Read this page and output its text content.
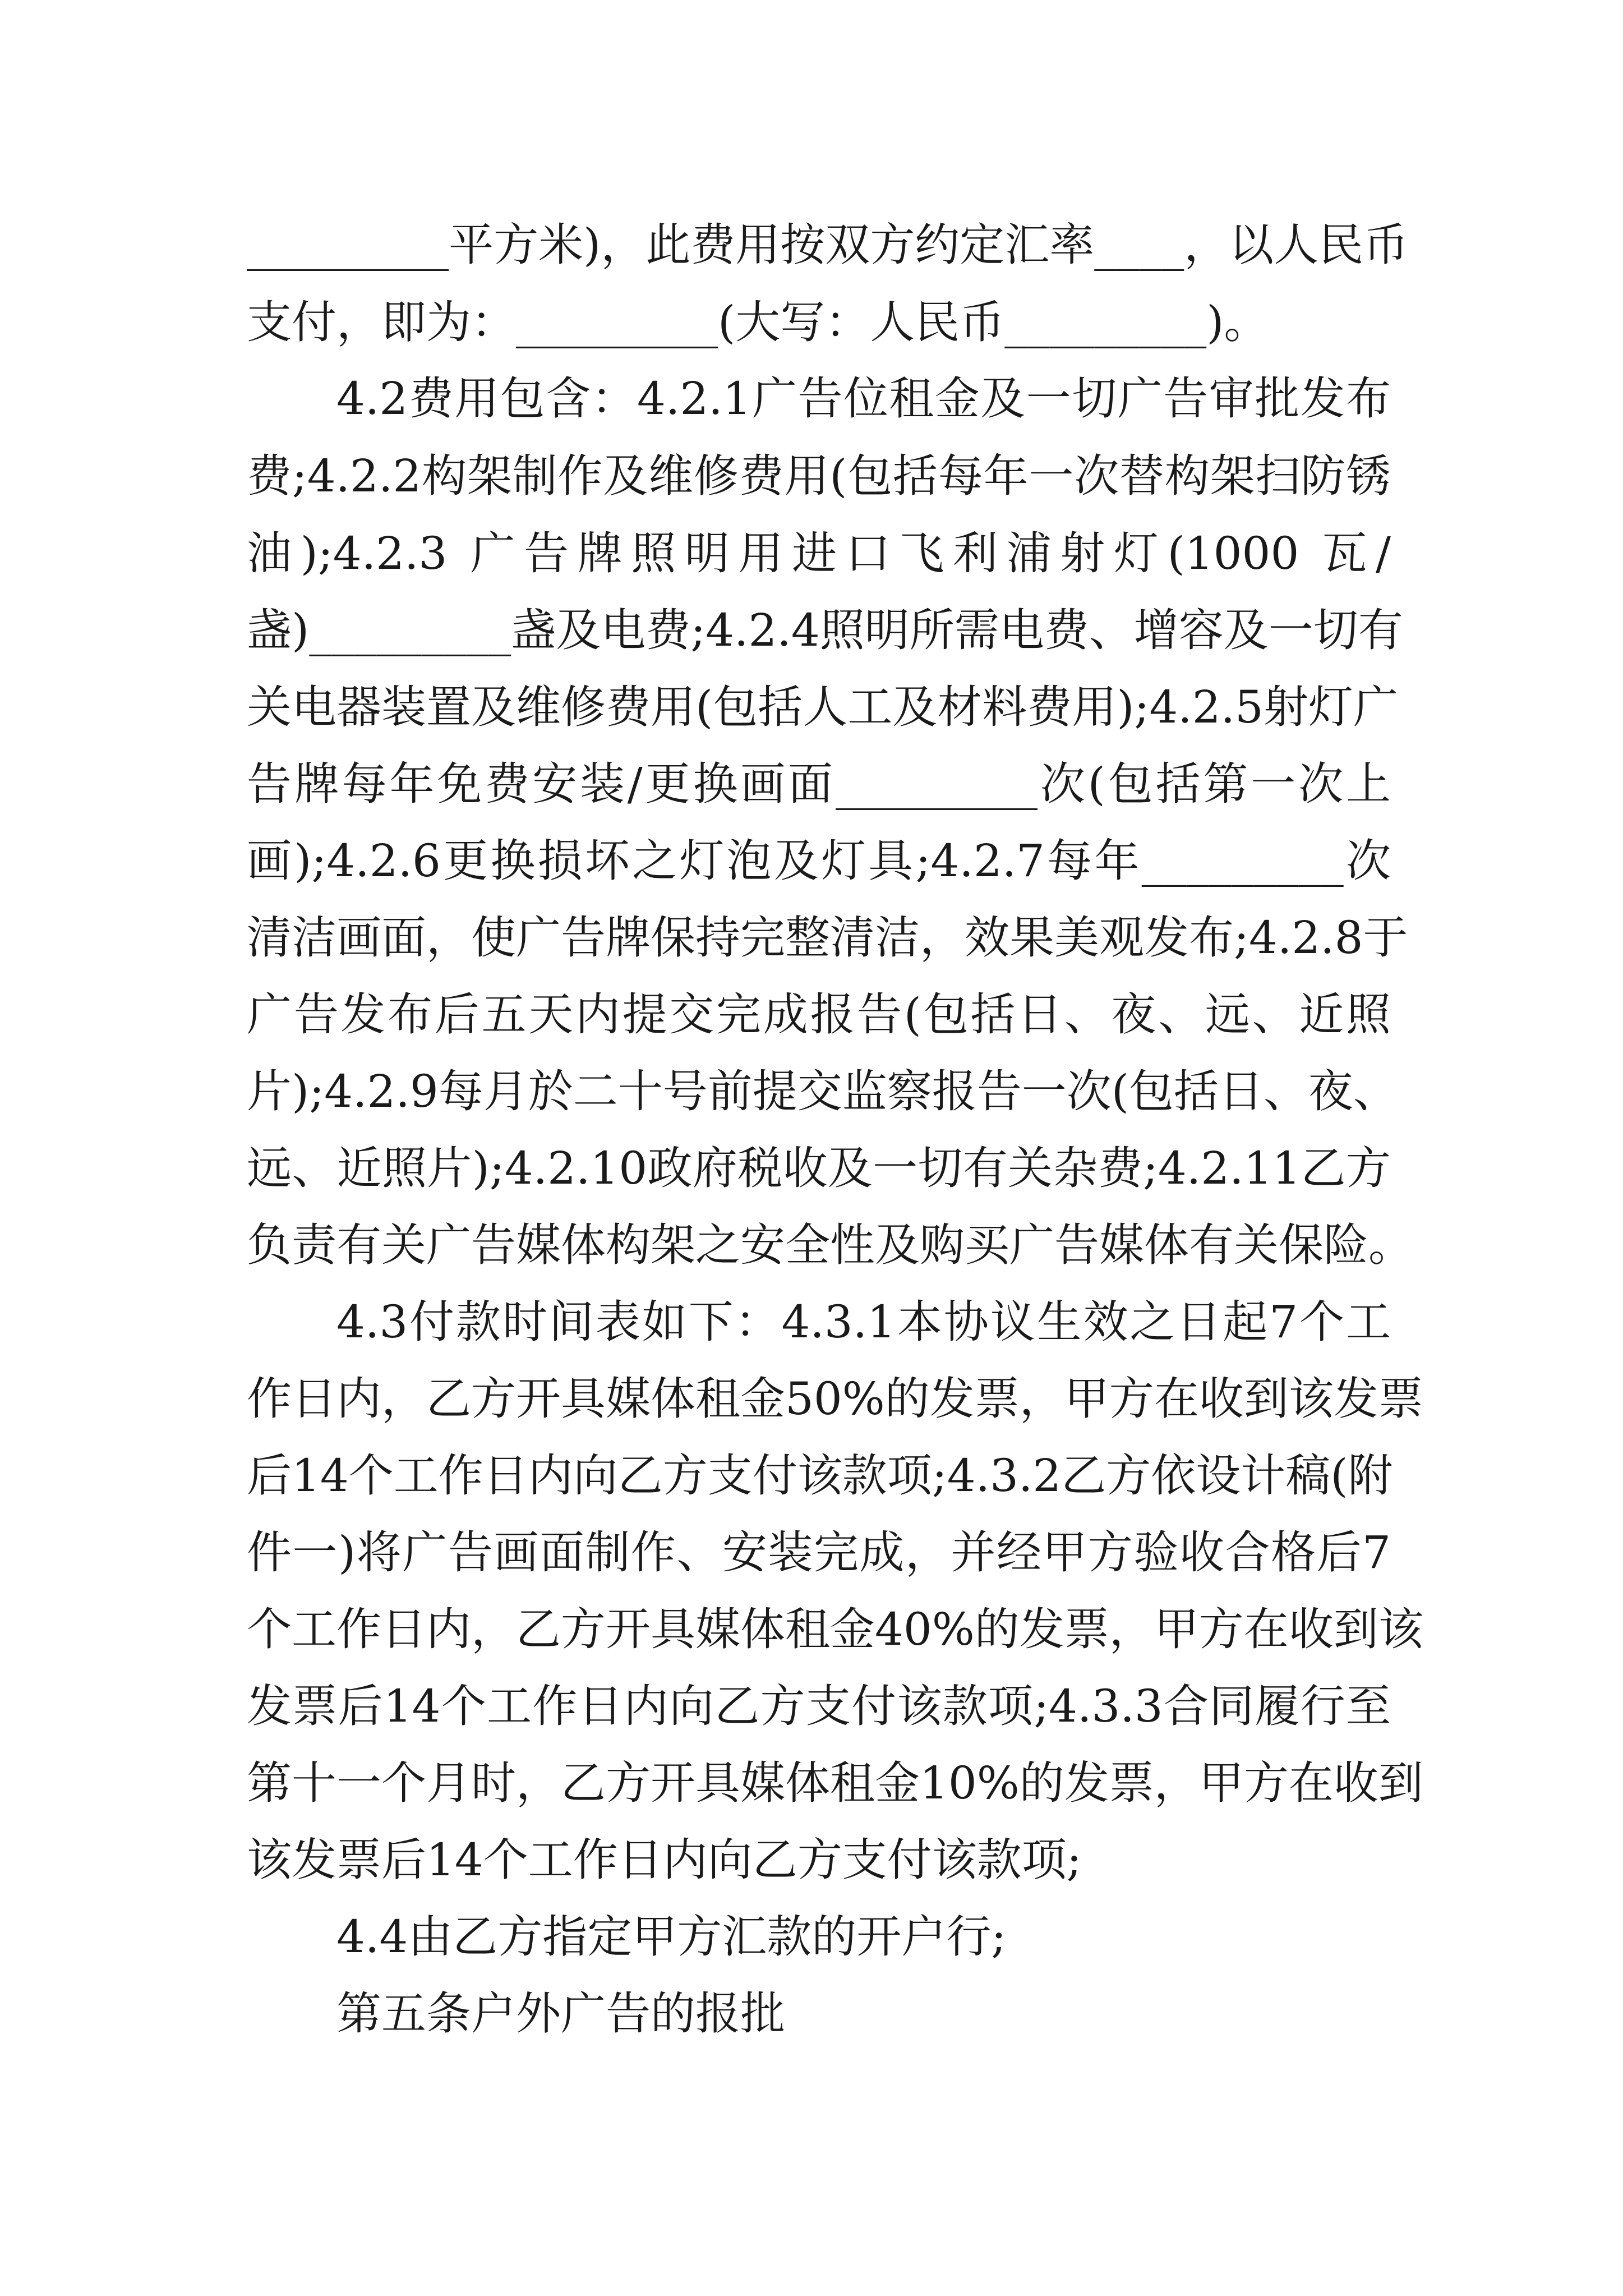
_________平方米)，此费用按双方约定汇率____，以人民币
支付，即为：_________(大写：人民币_________)。
4.2费用包含：4.2.1广告位租金及一切广告审批发布
费;4.2.2构架制作及维修费用(包括每年一次替构架扫防锈
油);4.2.3 广告牌照明用进口飞利浦射灯(1000 瓦/
盏)_________盏及电费;4.2.4照明所需电费、增容及一切有
关电器装置及维修费用(包括人工及材料费用);4.2.5射灯广
告牌每年免费安装/更换画面_________次(包括第一次上
画);4.2.6更换损坏之灯泡及灯具;4.2.7每年_________次
清洁画面，使广告牌保持完整清洁，效果美观发布;4.2.8于
广告发布后五天内提交完成报告(包括日、夜、远、近照
片);4.2.9每月於二十号前提交监察报告一次(包括日、夜、
远、近照片);4.2.10政府税收及一切有关杂费;4.2.11乙方
负责有关广告媒体构架之安全性及购买广告媒体有关保险。
4.3付款时间表如下：4.3.1本协议生效之日起7个工
作日内，乙方开具媒体租金50%的发票，甲方在收到该发票
后14个工作日内向乙方支付该款项;4.3.2乙方依设计稿(附
件一)将广告画面制作、安装完成，并经甲方验收合格后7
个工作日内，乙方开具媒体租金40%的发票，甲方在收到该
发票后14个工作日内向乙方支付该款项;4.3.3合同履行至
第十一个月时，乙方开具媒体租金10%的发票，甲方在收到
该发票后14个工作日内向乙方支付该款项;
4.4由乙方指定甲方汇款的开户行;
第五条户外广告的报批
